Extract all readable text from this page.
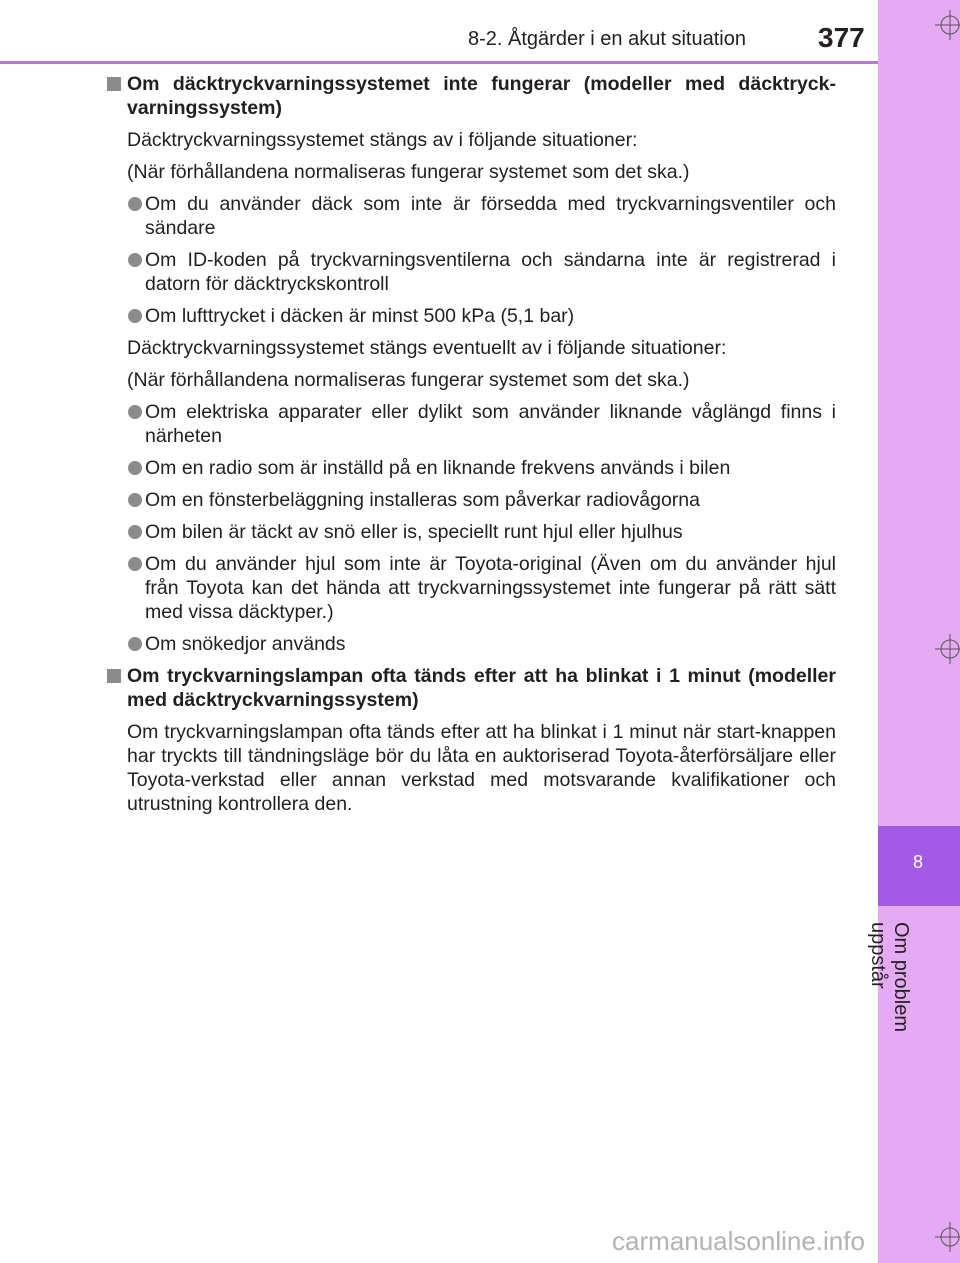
8
Om problem uppstår
8-2. Åtgärder i en akut situation	377

Om däcktryckvarningssystemet inte fungerar (modeller med däcktryck-varningssystem)

Däcktryckvarningssystemet stängs av i följande situationer:

(När förhållandena normaliseras fungerar systemet som det ska.)

Om du använder däck som inte är försedda med tryckvarningsventiler och sändare

Om ID-koden på tryckvarningsventilerna och sändarna inte är registrerad i datorn för däcktryckskontroll

Om lufttrycket i däcken är minst 500 kPa (5,1 bar)

Däcktryckvarningssystemet stängs eventuellt av i följande situationer:

(När förhållandena normaliseras fungerar systemet som det ska.)

Om elektriska apparater eller dylikt som använder liknande våglängd finns i närheten

Om en radio som är inställd på en liknande frekvens används i bilen

Om en fönsterbeläggning installeras som påverkar radiovågorna

Om bilen är täckt av snö eller is, speciellt runt hjul eller hjulhus

Om du använder hjul som inte är Toyota-original (Även om du använder hjul från Toyota kan det hända att tryckvarningssystemet inte fungerar på rätt sätt med vissa däcktyper.)

Om snökedjor används

Om tryckvarningslampan ofta tänds efter att ha blinkat i 1 minut (modeller med däcktryckvarningssystem)

Om tryckvarningslampan ofta tänds efter att ha blinkat i 1 minut när start-knappen har tryckts till tändningsläge bör du låta en auktoriserad Toyota-återförsäljare eller Toyota-verkstad eller annan verkstad med motsvarande kvalifikationer och utrustning kontrollera den.

carmanualsonline.info
